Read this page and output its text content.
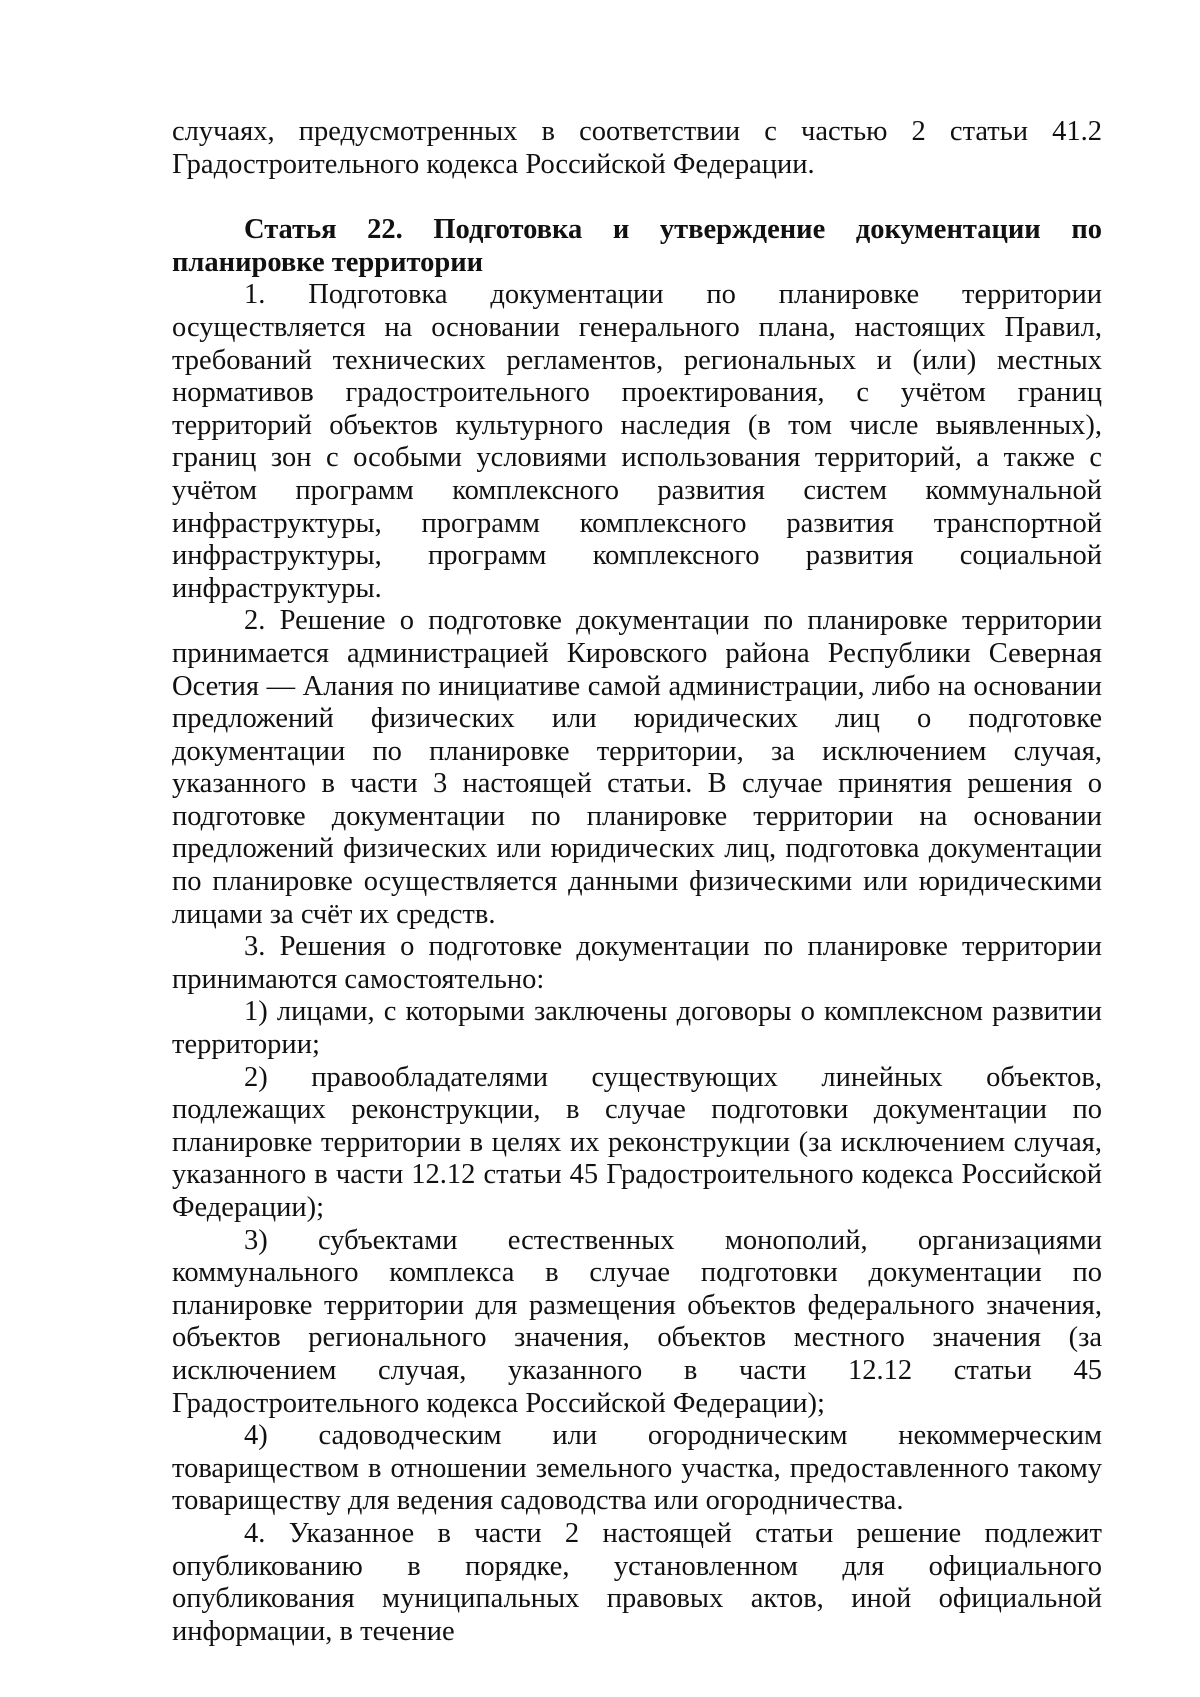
случаях, предусмотренных в соответствии с частью 2 статьи 41.2 Градостроительного кодекса Российской Федерации.

Статья 22. Подготовка и утверждение документации по планировке территории

1. Подготовка документации по планировке территории осуществляется на основании генерального плана, настоящих Правил, требований технических регламентов, региональных и (или) местных нормативов градостроительного проектирования, с учётом границ территорий объектов культурного наследия (в том числе выявленных), границ зон с особыми условиями использования территорий, а также с учётом программ комплексного развития систем коммунальной инфраструктуры, программ комплексного развития транспортной инфраструктуры, программ комплексного развития социальной инфраструктуры.

2. Решение о подготовке документации по планировке территории принимается администрацией Кировского района Республики Северная Осетия — Алания по инициативе самой администрации, либо на основании предложений физических или юридических лиц о подготовке документации по планировке территории, за исключением случая, указанного в части 3 настоящей статьи. В случае принятия решения о подготовке документации по планировке территории на основании предложений физических или юридических лиц, подготовка документации по планировке осуществляется данными физическими или юридическими лицами за счёт их средств.

3. Решения о подготовке документации по планировке территории принимаются самостоятельно:

1) лицами, с которыми заключены договоры о комплексном развитии территории;

2) правообладателями существующих линейных объектов, подлежащих реконструкции, в случае подготовки документации по планировке территории в целях их реконструкции (за исключением случая, указанного в части 12.12 статьи 45 Градостроительного кодекса Российской Федерации);

3) субъектами естественных монополий, организациями коммунального комплекса в случае подготовки документации по планировке территории для размещения объектов федерального значения, объектов регионального значения, объектов местного значения (за исключением случая, указанного в части 12.12 статьи 45 Градостроительного кодекса Российской Федерации);

4) садоводческим или огородническим некоммерческим товариществом в отношении земельного участка, предоставленного такому товариществу для ведения садоводства или огородничества.

4. Указанное в части 2 настоящей статьи решение подлежит опубликованию в порядке, установленном для официального опубликования муниципальных правовых актов, иной официальной информации, в течение
